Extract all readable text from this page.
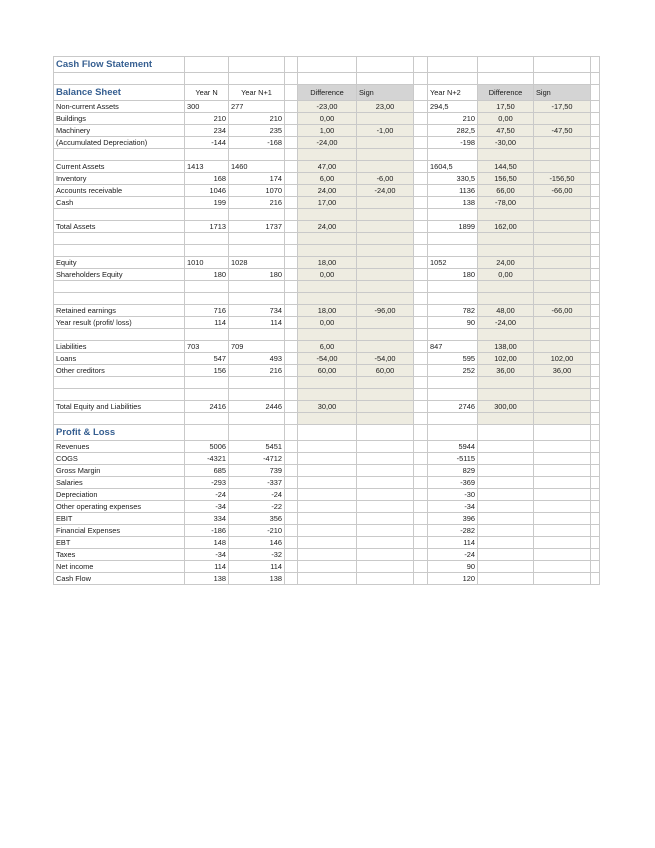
Cash Flow Statement										

Balance Sheet	Year N	Year N+1		Difference	Sign		Year N+2	Difference	Sign	
Non-current Assets	300	277		-23,00	23,00		294,5	17,50	-17,50	
Buildings	210	210		0,00			210	0,00		
Machinery	234	235		1,00	-1,00		282,5	47,50	-47,50	
(Accumulated Depreciation)	-144	-168		-24,00			-198	-30,00		

Current Assets	1413	1460		47,00			1604,5	144,50		
Inventory	168	174		6,00	-6,00		330,5	156,50	-156,50	
Accounts receivable	1046	1070		24,00	-24,00		1136	66,00	-66,00	
Cash	199	216		17,00			138	-78,00		

Total Assets	1713	1737		24,00			1899	162,00		

Equity	1010	1028		18,00			1052	24,00		
Shareholders Equity	180	180		0,00			180	0,00		

Retained earnings	716	734		18,00	-96,00		782	48,00	-66,00	
Year result (profit/ loss)	114	114		0,00			90	-24,00		

Liabilities	703	709		6,00			847	138,00		
Loans	547	493		-54,00	-54,00		595	102,00	102,00	
Other creditors	156	216		60,00	60,00		252	36,00	36,00	

Total Equity and Liabilities	2416	2446		30,00			2746	300,00		

Profit & Loss										
Revenues	5006	5451					5944			
COGS	-4321	-4712					-5115			
Gross Margin	685	739					829			
Salaries	-293	-337					-369			
Depreciation	-24	-24					-30			
Other operating expenses	-34	-22					-34			
EBIT	334	356					396			
Financial Expenses	-186	-210					-282			
EBT	148	146					114			
Taxes	-34	-32					-24			
Net income	114	114					90			
Cash Flow	138	138					120			
